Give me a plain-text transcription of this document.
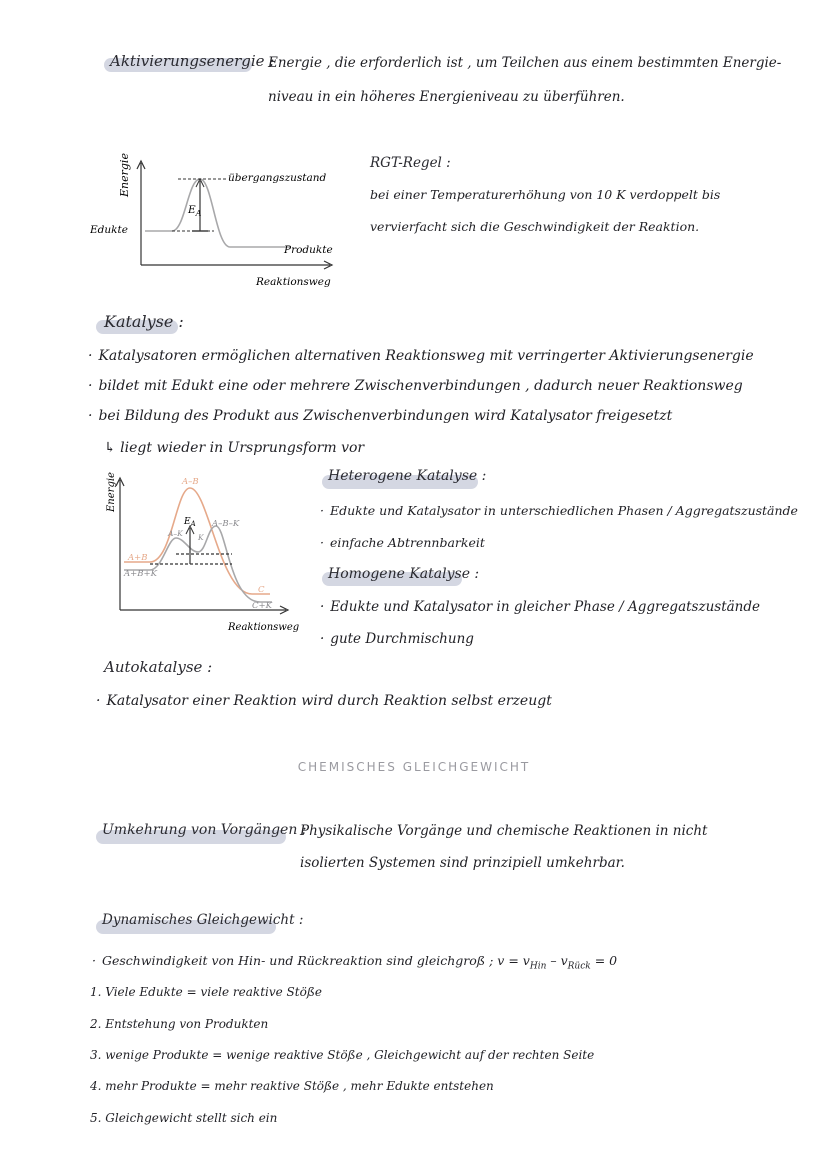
Aktivierungsenergie :
Energie , die erforderlich ist , um Teilchen aus einem bestimmten Energie-
niveau in ein höheres Energieniveau zu überführen.
Energie	übergangszustand
$E_A$
Edukte
Produkte
Reaktionsweg
RGT-Regel :
bei einer Temperaturerhöhung von 10 K verdoppelt bis
vervierfacht sich die Geschwindigkeit der Reaktion.
Katalyse :
· Katalysatoren ermöglichen alternativen Reaktionsweg mit verringerter Aktivierungsenergie
· bildet mit Edukt eine oder mehrere Zwischenverbindungen , dadurch neuer Reaktionsweg
· bei Bildung des Produkt aus Zwischenverbindungen wird Katalysator freigesetzt
↳ liegt wieder in Ursprungsform vor
Energie	A–B
A–B–K
A–K
$E_A$
K
A+B
A+B+K
C
C+K
Reaktionsweg
Heterogene Katalyse :
· Edukte und Katalysator in unterschiedlichen Phasen / Aggregatszustände
· einfache Abtrennbarkeit
Homogene Katalyse :
· Edukte und Katalysator in gleicher Phase / Aggregatszustände
· gute Durchmischung
Autokatalyse :
· Katalysator einer Reaktion wird durch Reaktion selbst erzeugt
CHEMISCHES GLEICHGEWICHT
Umkehrung von Vorgängen :
Physikalische Vorgänge und chemische Reaktionen in nicht
isolierten Systemen sind prinzipiell umkehrbar.
Dynamisches Gleichgewicht :
· Geschwindigkeit von Hin- und Rückreaktion sind gleichgroß ; $v = v_{Hin} - v_{Rück} = 0$
1. Viele Edukte = viele reaktive Stöße
2. Entstehung von Produkten
3. wenige Produkte = wenige reaktive Stöße , Gleichgewicht auf der rechten Seite
4. mehr Produkte = mehr reaktive Stöße , mehr Edukte entstehen
5. Gleichgewicht stellt sich ein
